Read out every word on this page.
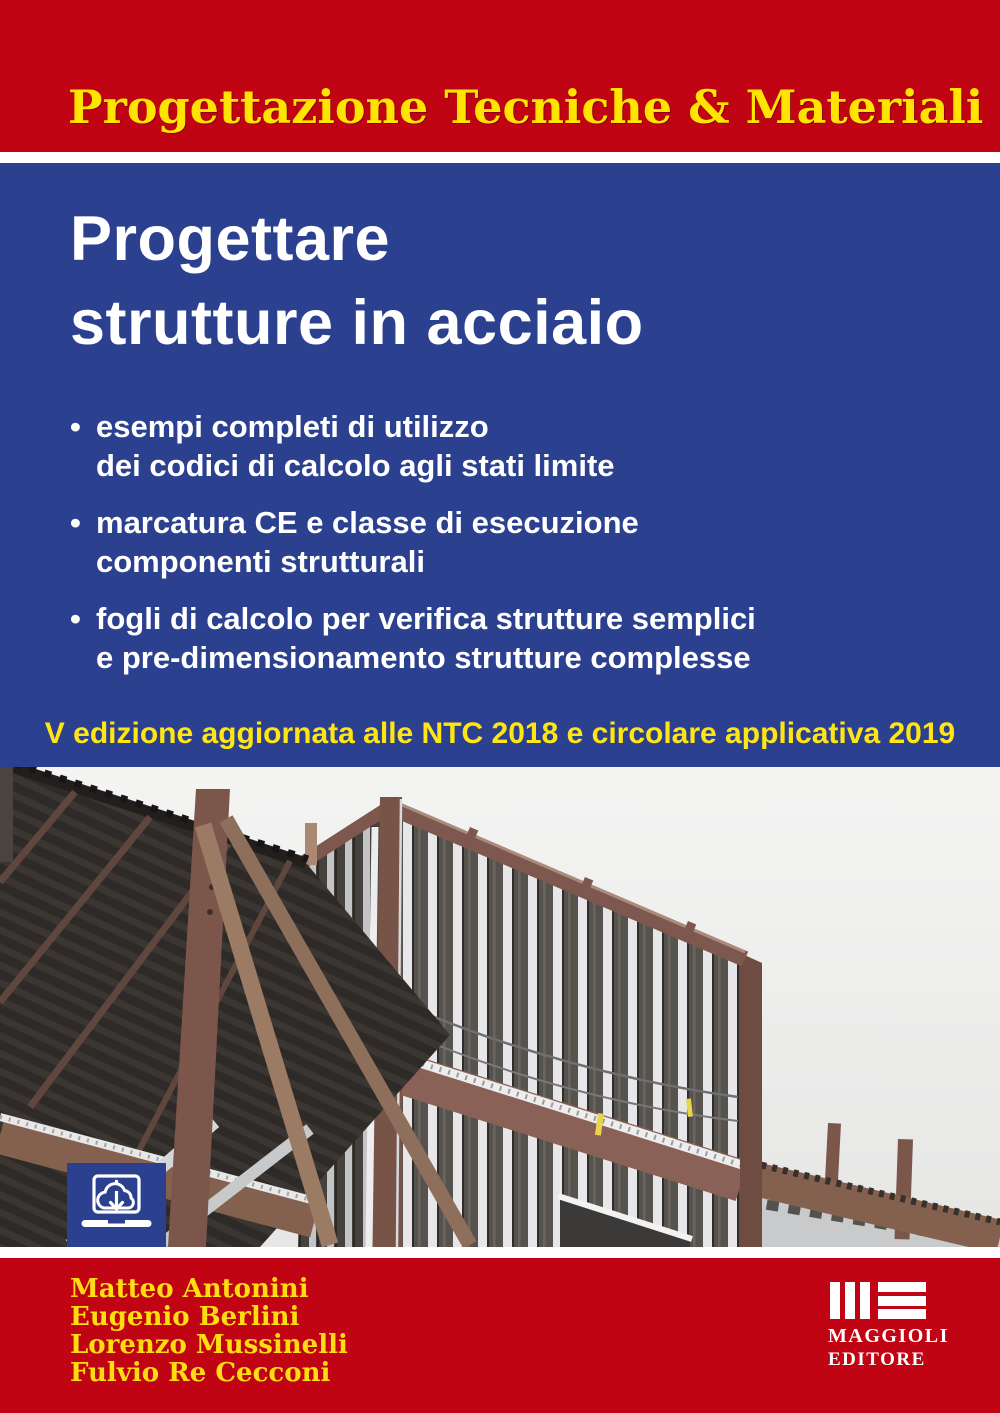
Progettazione Tecniche & Materiali
Progettare
strutture in acciaio
• esempi completi di utilizzo
dei codici di calcolo agli stati limite
• marcatura CE e classe di esecuzione
componenti strutturali
• fogli di calcolo per verifica strutture semplici
e pre-dimensionamento strutture complesse
V edizione aggiornata alle NTC 2018 e circolare applicativa 2019
Matteo Antonini
Eugenio Berlini
Lorenzo Mussinelli
Fulvio Re Cecconi
MAGGIOLI
EDITORE
